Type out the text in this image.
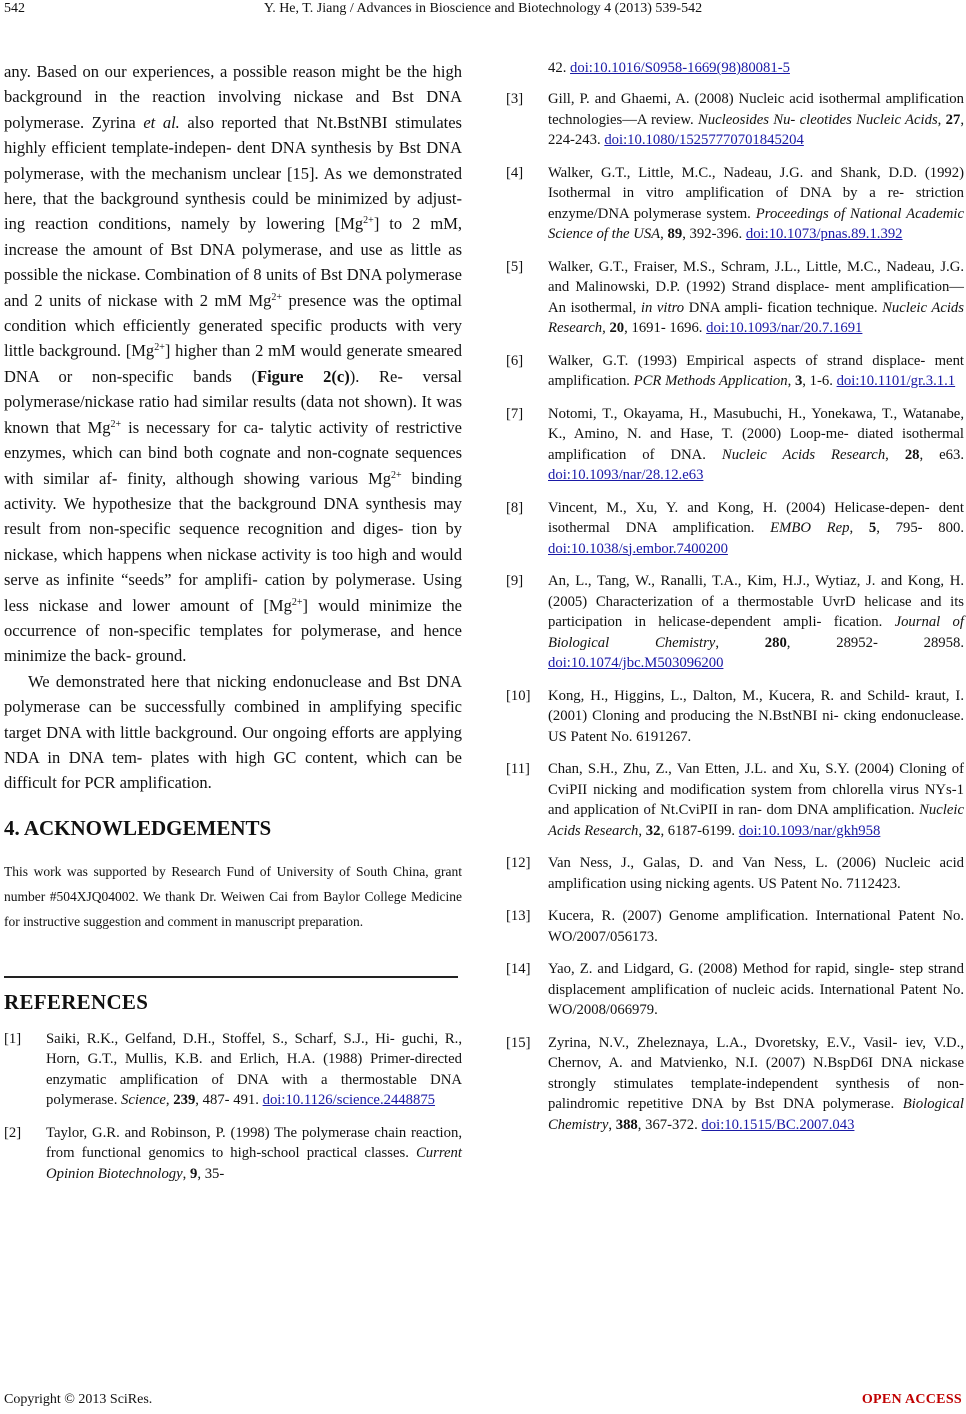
542	Y. He, T. Jiang / Advances in Bioscience and Biotechnology 4 (2013) 539-542

any. Based on our experiences, a possible reason might be the high background in the reaction involving nickase and Bst DNA polymerase. Zyrina et al. also reported that Nt.BstNBI stimulates highly efficient template-indepen- dent DNA synthesis by Bst DNA polymerase, with the mechanism unclear [15]. As we demonstrated here, that the background synthesis could be minimized by adjust- ing reaction conditions, namely by lowering $[Mg^{2+}]$ to 2 mM, increase the amount of Bst DNA polymerase, and use as little as possible the nickase. Combination of 8 units of Bst DNA polymerase and 2 units of nickase with 2 mM $Mg^{2+}$ presence was the optimal condition which efficiently generated specific products with very little background. $[Mg^{2+}]$ higher than 2 mM would generate smeared DNA or non-specific bands (Figure 2(c)). Re- versal polymerase/nickase ratio had similar results (data not shown). It was known that $Mg^{2+}$ is necessary for ca- talytic activity of restrictive enzymes, which can bind both cognate and non-cognate sequences with similar af- finity, although showing various $Mg^{2+}$ binding activity. We hypothesize that the background DNA synthesis may result from non-specific sequence recognition and diges- tion by nickase, which happens when nickase activity is too high and would serve as infinite “seeds” for amplifi- cation by polymerase. Using less nickase and lower amount of $[Mg^{2+}]$ would minimize the occurrence of non-specific templates for polymerase, and hence minimize the back- ground.

We demonstrated here that nicking endonuclease and Bst DNA polymerase can be successfully combined in amplifying specific target DNA with little background. Our ongoing efforts are applying NDA in DNA tem- plates with high GC content, which can be difficult for PCR amplification.

4. ACKNOWLEDGEMENTS

This work was supported by Research Fund of University of South China, grant number #504XJQ04002. We thank Dr. Weiwen Cai from Baylor College Medicine for instructive suggestion and comment in manuscript preparation.

REFERENCES
[1]	Saiki, R.K., Gelfand, D.H., Stoffel, S., Scharf, S.J., Hi- guchi, R., Horn, G.T., Mullis, K.B. and Erlich, H.A. (1988) Primer-directed enzymatic amplification of DNA with a thermostable DNA polymerase. Science, 239, 487- 491. doi:10.1126/science.2448875
[2]	Taylor, G.R. and Robinson, P. (1998) The polymerase chain reaction, from functional genomics to high-school practical classes. Current Opinion Biotechnology, 9, 35-
42. doi:10.1016/S0958-1669(98)80081-5
[3]	Gill, P. and Ghaemi, A. (2008) Nucleic acid isothermal amplification technologies—A review. Nucleosides Nu- cleotides Nucleic Acids, 27, 224-243. doi:10.1080/15257770701845204
[4]	Walker, G.T., Little, M.C., Nadeau, J.G. and Shank, D.D. (1992) Isothermal in vitro amplification of DNA by a re- striction enzyme/DNA polymerase system. Proceedings of National Academic Science of the USA, 89, 392-396. doi:10.1073/pnas.89.1.392
[5]	Walker, G.T., Fraiser, M.S., Schram, J.L., Little, M.C., Nadeau, J.G. and Malinowski, D.P. (1992) Strand displace- ment amplification—An isothermal, in vitro DNA ampli- fication technique. Nucleic Acids Research, 20, 1691- 1696. doi:10.1093/nar/20.7.1691
[6]	Walker, G.T. (1993) Empirical aspects of strand displace- ment amplification. PCR Methods Application, 3, 1-6. doi:10.1101/gr.3.1.1
[7]	Notomi, T., Okayama, H., Masubuchi, H., Yonekawa, T., Watanabe, K., Amino, N. and Hase, T. (2000) Loop-me- diated isothermal amplification of DNA. Nucleic Acids Research, 28, e63. doi:10.1093/nar/28.12.e63
[8]	Vincent, M., Xu, Y. and Kong, H. (2004) Helicase-depen- dent isothermal DNA amplification. EMBO Rep, 5, 795- 800. doi:10.1038/sj.embor.7400200
[9]	An, L., Tang, W., Ranalli, T.A., Kim, H.J., Wytiaz, J. and Kong, H. (2005) Characterization of a thermostable UvrD helicase and its participation in helicase-dependent ampli- fication. Journal of Biological Chemistry, 280, 28952- 28958. doi:10.1074/jbc.M503096200
[10]	Kong, H., Higgins, L., Dalton, M., Kucera, R. and Schild- kraut, I. (2001) Cloning and producing the N.BstNBI ni- cking endonuclease. US Patent No. 6191267.
[11]	Chan, S.H., Zhu, Z., Van Etten, J.L. and Xu, S.Y. (2004) Cloning of CviPII nicking and modification system from chlorella virus NYs-1 and application of Nt.CviPII in ran- dom DNA amplification. Nucleic Acids Research, 32, 6187-6199. doi:10.1093/nar/gkh958
[12]	Van Ness, J., Galas, D. and Van Ness, L. (2006) Nucleic acid amplification using nicking agents. US Patent No. 7112423.
[13]	Kucera, R. (2007) Genome amplification. International Patent No. WO/2007/056173.
[14]	Yao, Z. and Lidgard, G. (2008) Method for rapid, single- step strand displacement amplification of nucleic acids. International Patent No. WO/2008/066979.
[15]	Zyrina, N.V., Zheleznaya, L.A., Dvoretsky, E.V., Vasil- iev, V.D., Chernov, A. and Matvienko, N.I. (2007) N.BspD6I DNA nickase strongly stimulates template-independent synthesis of non-palindromic repetitive DNA by Bst DNA polymerase. Biological Chemistry, 388, 367-372. doi:10.1515/BC.2007.043
Copyright © 2013 SciRes.	OPEN ACCESS
